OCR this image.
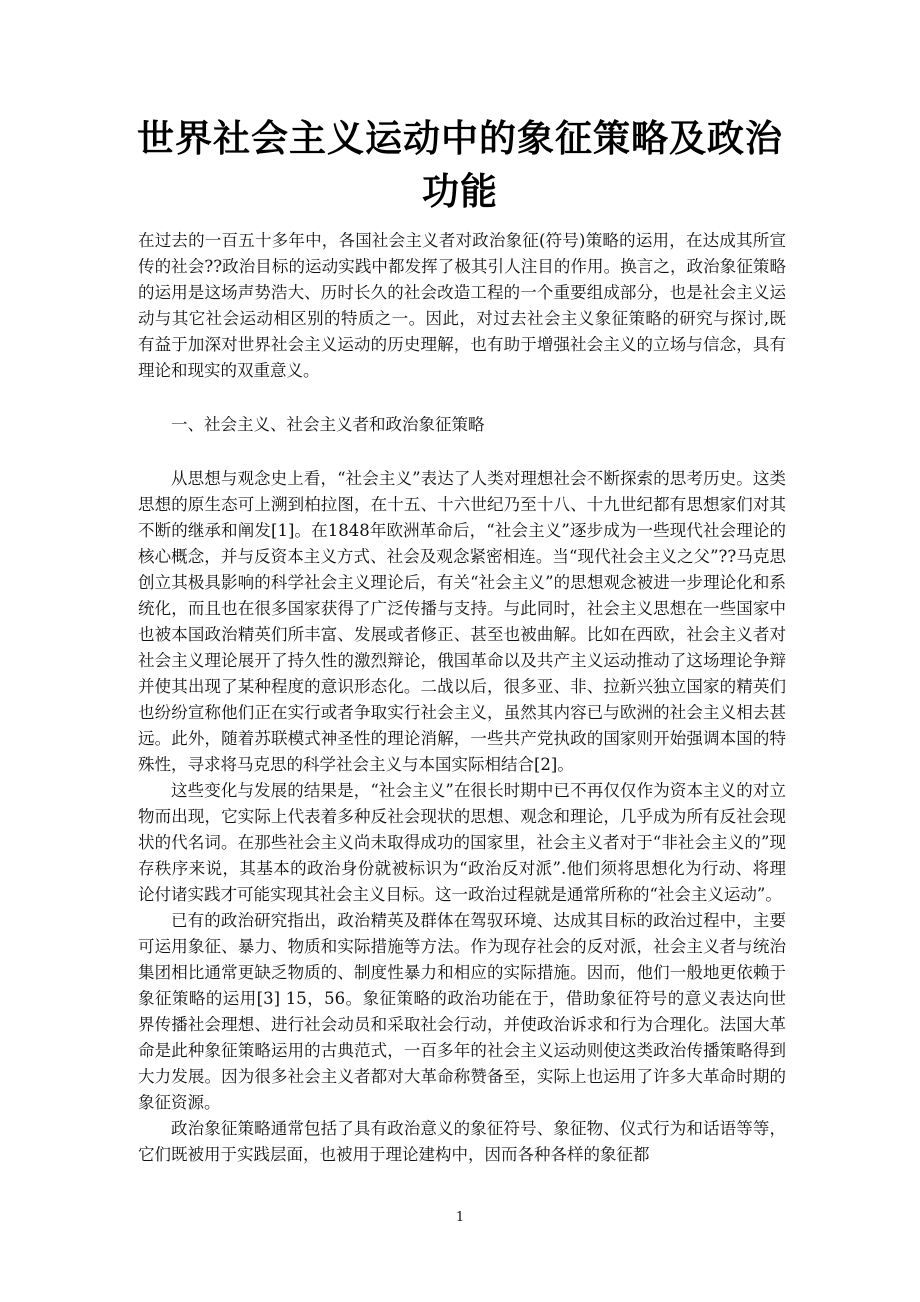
世界社会主义运动中的象征策略及政治功能

在过去的一百五十多年中，各国社会主义者对政治象征(符号)策略的运用，在达成其所宣传的社会??政治目标的运动实践中都发挥了极其引人注目的作用。换言之，政治象征策略的运用是这场声势浩大、历时长久的社会改造工程的一个重要组成部分，也是社会主义运动与其它社会运动相区别的特质之一。因此，对过去社会主义象征策略的研究与探讨,既有益于加深对世界社会主义运动的历史理解，也有助于增强社会主义的立场与信念，具有理论和现实的双重意义。

一、社会主义、社会主义者和政治象征策略

从思想与观念史上看，“社会主义”表达了人类对理想社会不断探索的思考历史。这类思想的原生态可上溯到柏拉图，在十五、十六世纪乃至十八、十九世纪都有思想家们对其不断的继承和阐发[1]。在1848年欧洲革命后，“社会主义”逐步成为一些现代社会理论的核心概念，并与反资本主义方式、社会及观念紧密相连。当“现代社会主义之父”??马克思创立其极具影响的科学社会主义理论后，有关“社会主义”的思想观念被进一步理论化和系统化，而且也在很多国家获得了广泛传播与支持。与此同时，社会主义思想在一些国家中也被本国政治精英们所丰富、发展或者修正、甚至也被曲解。比如在西欧，社会主义者对社会主义理论展开了持久性的激烈辩论，俄国革命以及共产主义运动推动了这场理论争辩并使其出现了某种程度的意识形态化。二战以后，很多亚、非、拉新兴独立国家的精英们也纷纷宣称他们正在实行或者争取实行社会主义，虽然其内容已与欧洲的社会主义相去甚远。此外，随着苏联模式神圣性的理论消解，一些共产党执政的国家则开始强调本国的特殊性，寻求将马克思的科学社会主义与本国实际相结合[2]。

这些变化与发展的结果是，“社会主义”在很长时期中已不再仅仅作为资本主义的对立物而出现，它实际上代表着多种反社会现状的思想、观念和理论，几乎成为所有反社会现状的代名词。在那些社会主义尚未取得成功的国家里，社会主义者对于“非社会主义的”现存秩序来说，其基本的政治身份就被标识为“政治反对派”.他们须将思想化为行动、将理论付诸实践才可能实现其社会主义目标。这一政治过程就是通常所称的“社会主义运动”。

已有的政治研究指出，政治精英及群体在驾驭环境、达成其目标的政治过程中，主要可运用象征、暴力、物质和实际措施等方法。作为现存社会的反对派，社会主义者与统治集团相比通常更缺乏物质的、制度性暴力和相应的实际措施。因而，他们一般地更依赖于象征策略的运用[3] 15，56。象征策略的政治功能在于，借助象征符号的意义表达向世界传播社会理想、进行社会动员和采取社会行动，并使政治诉求和行为合理化。法国大革命是此种象征策略运用的古典范式，一百多年的社会主义运动则使这类政治传播策略得到大力发展。因为很多社会主义者都对大革命称赞备至，实际上也运用了许多大革命时期的象征资源。

政治象征策略通常包括了具有政治意义的象征符号、象征物、仪式行为和话语等等，它们既被用于实践层面，也被用于理论建构中，因而各种各样的象征都

1
